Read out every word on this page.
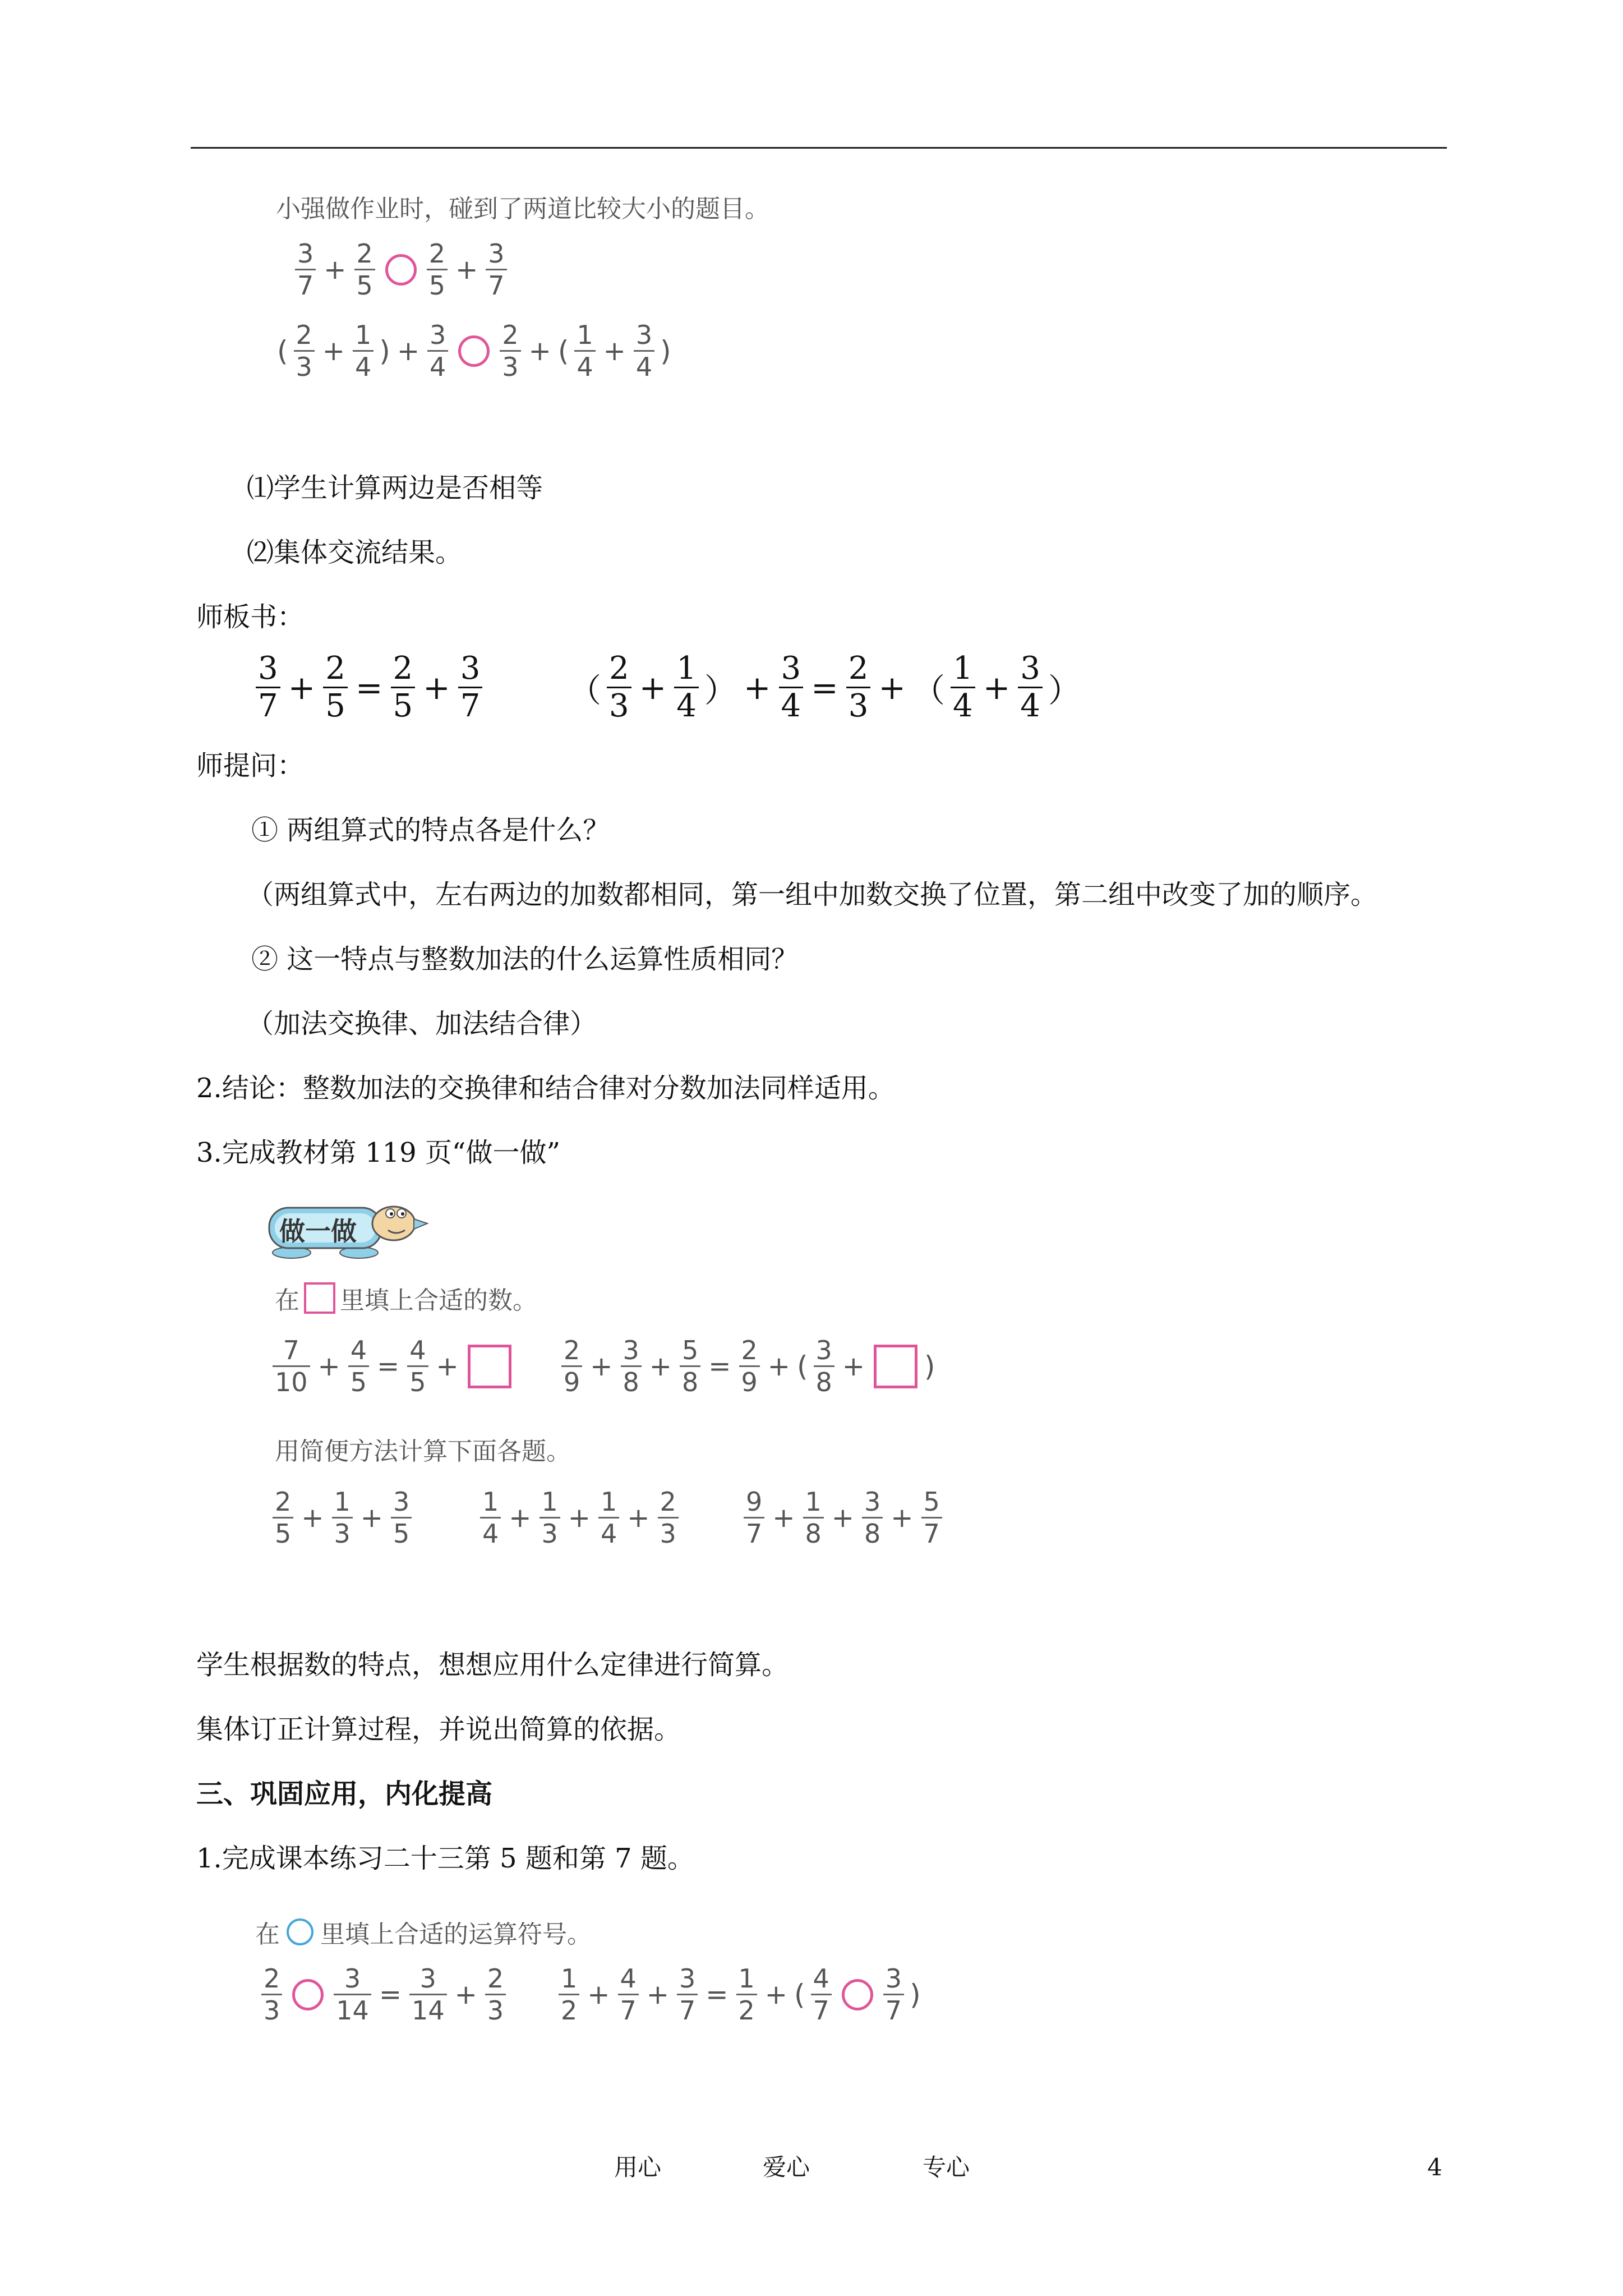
小强做作业时，碰到了两道比较大小的题目。
3
7
+
2
5
2
5
+
3
7
( 2
3
+
1
4 ) +
3
4
2
3
+ ( 1
4
+
3
4 )
⑴学生计算两边是否相等
⑵集体交流结果。
师板书：
3
7 + 2
5 = 2
5 + 3
7	（
2
3 + 1
4 ） + 3
4 = 2
3 + （
1
4 + 3
4 ）
师提问：
① 两组算式的特点各是什么？
（两组算式中，左右两边的加数都相同，第一组中加数交换了位置，第二组中改变了加的顺序。
② 这一特点与整数加法的什么运算性质相同？
（加法交换律、加法结合律）
2.结论：整数加法的交换律和结合律对分数加法同样适用。
3.完成教材第 119 页“做一做”
做一做
在 里填上合适的数。
7
10
+
4
5
=
4
5
+
2
9
+
3
8
+
5
8
=
2
9
+ ( 3
8
+ )
用简便方法计算下面各题。
2
5
+
1
3
+
3
5
1
4
+
1
3
+
1
4
+
2
3
9
7
+
1
8
+
3
8
+
5
7
学生根据数的特点，想想应用什么定律进行简算。
集体订正计算过程，并说出简算的依据。
三、巩固应用，内化提高
1.完成课本练习二十三第 5 题和第 7 题。
在 里填上合适的运算符号。
2
3
3
14
=
3
14
+
2
3
1
2
+
4
7
+
3
7
=
1
2
+ ( 4
7
3
7 )
用心	爱心	专心	4
